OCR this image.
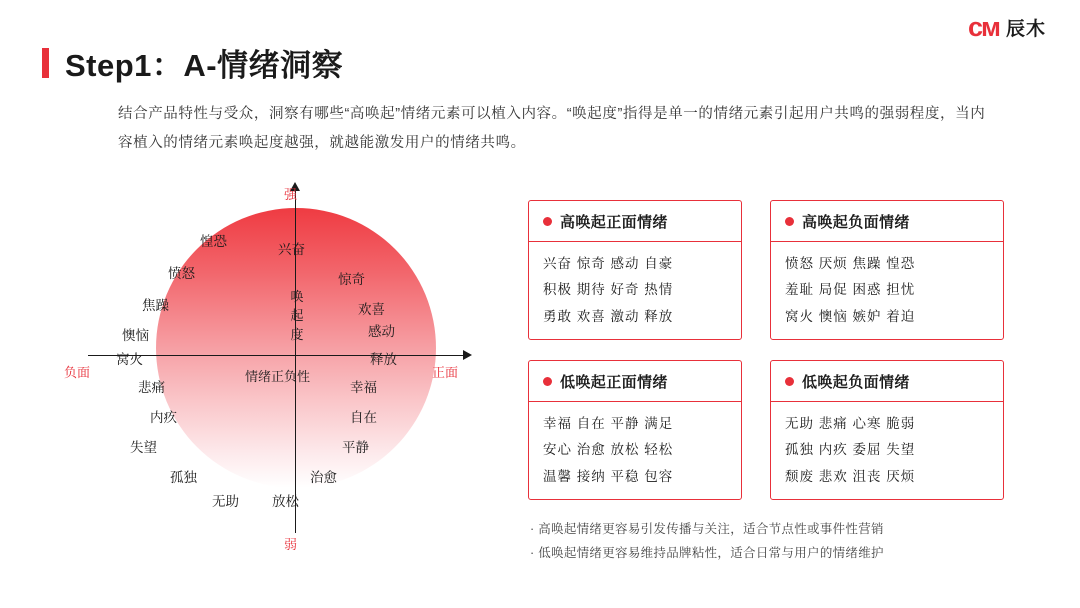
ᴄᴍ 辰木
Step1：A-情绪洞察
结合产品特性与受众，洞察有哪些“高唤起”情绪元素可以植入内容。“唤起度”指得是单一的情绪元素引起用户共鸣的强弱程度，当内容植入的情绪元素唤起度越强，就越能激发用户的情绪共鸣。
强
弱
负面	正面
情绪正负性
惶恐
兴奋
愤怒	惊奇
焦躁	欢喜
懊恼	感动
窝火	释放
悲痛	幸福
内疚	自在
失望	平静
孤独	治愈
无助 放松
唤
起
度
高唤起正面情绪
兴奋 惊奇 感动 自豪
积极 期待 好奇 热情
勇敢 欢喜 激动 释放
高唤起负面情绪
愤怒 厌烦 焦躁 惶恐
羞耻 局促 困惑 担忧
窝火 懊恼 嫉妒 着迫
低唤起正面情绪
幸福 自在 平静 满足
安心 治愈 放松 轻松
温馨 接纳 平稳 包容
低唤起负面情绪
无助 悲痛 心寒 脆弱
孤独 内疚 委屈 失望
颓废 悲欢 沮丧 厌烦
· 高唤起情绪更容易引发传播与关注，适合节点性或事件性营销
· 低唤起情绪更容易维持品牌粘性，适合日常与用户的情绪维护
